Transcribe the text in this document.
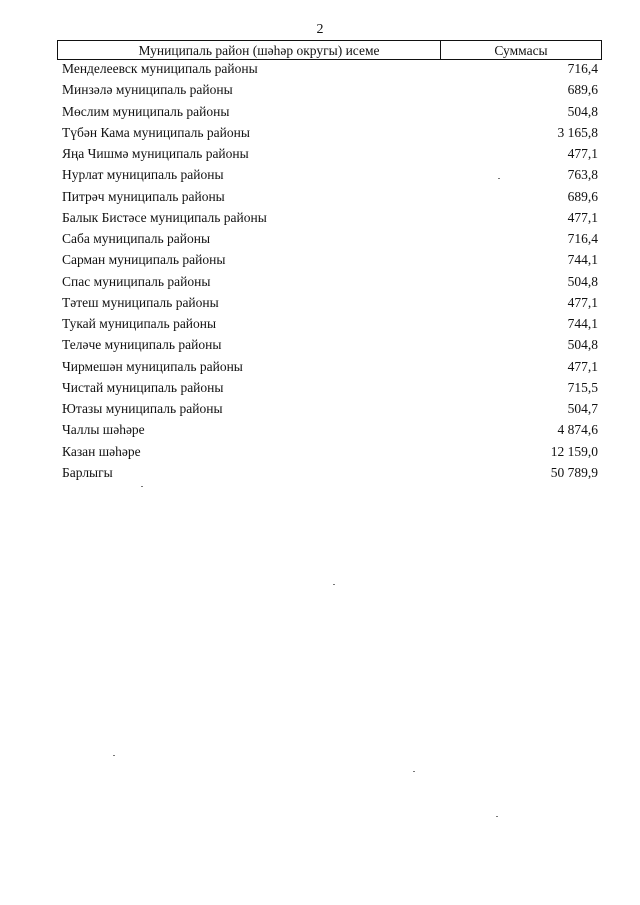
2
Муниципаль район (шәһәр округы) исеме	Суммасы
Менделеевск муниципаль районы	716,4
Минзәлә муниципаль районы	689,6
Мөслим муниципаль районы	504,8
Түбән Кама муниципаль районы	3 165,8
Яңа Чишмә муниципаль районы	477,1
Нурлат муниципаль районы	763,8
Питрәч муниципаль районы	689,6
Балык Бистәсе муниципаль районы	477,1
Саба муниципаль районы	716,4
Сарман муниципаль районы	744,1
Спас муниципаль районы	504,8
Тәтеш муниципаль районы	477,1
Тукай муниципаль районы	744,1
Теләче муниципаль районы	504,8
Чирмешән муниципаль районы	477,1
Чистай муниципаль районы	715,5
Ютазы муниципаль районы	504,7
Чаллы шәһәре	4 874,6
Казан шәһәре	12 159,0
Барлыгы	50 789,9
